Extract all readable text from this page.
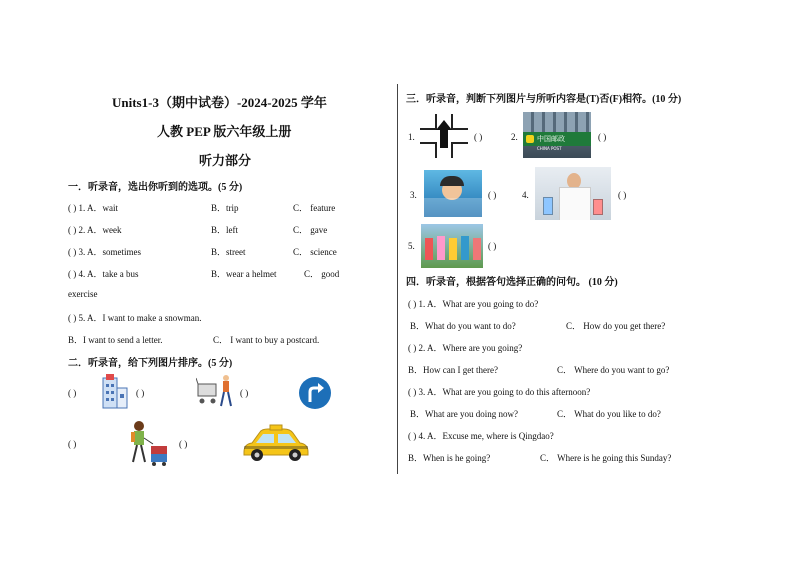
Units1-3（期中试卷）-2024-2025 学年
人教 PEP 版六年级上册
听力部分
一．听录音，选出你听到的选项。(5 分)
( ) 1. A．wait	B．trip	C． feature
( ) 2. A．week	B．left	C． gave
( ) 3. A．sometimes	B．street	C． science
( ) 4. A．take a bus	B．wear a helmet	C． good
exercise
( ) 5. A．I want to make a snowman.
B．I want to send a letter.	C． I want to buy a postcard.
二．听录音，给下列图片排序。(5 分)
( )	( )	( )
( )	( )
三．听录音，判断下列图片与所听内容是(T)否(F)相符。(10 分)
1.	( )	2.	中国邮政
CHINA POST
( )
3.	( )	4.	( )
5.	( )
四．听录音，根据答句选择正确的问句。 (10 分)
( ) 1. A．What are you going to do?
B．What do you want to do?	C． How do you get there?
( ) 2. A．Where are you going?
B．How can I get there?	C． Where do you want to go?
( ) 3. A．What are you going to do this afternoon?
B．What are you doing now?	C． What do you like to do?
( ) 4. A．Excuse me, where is Qingdao?
B．When is he going?	C． Where is he going this Sunday?
